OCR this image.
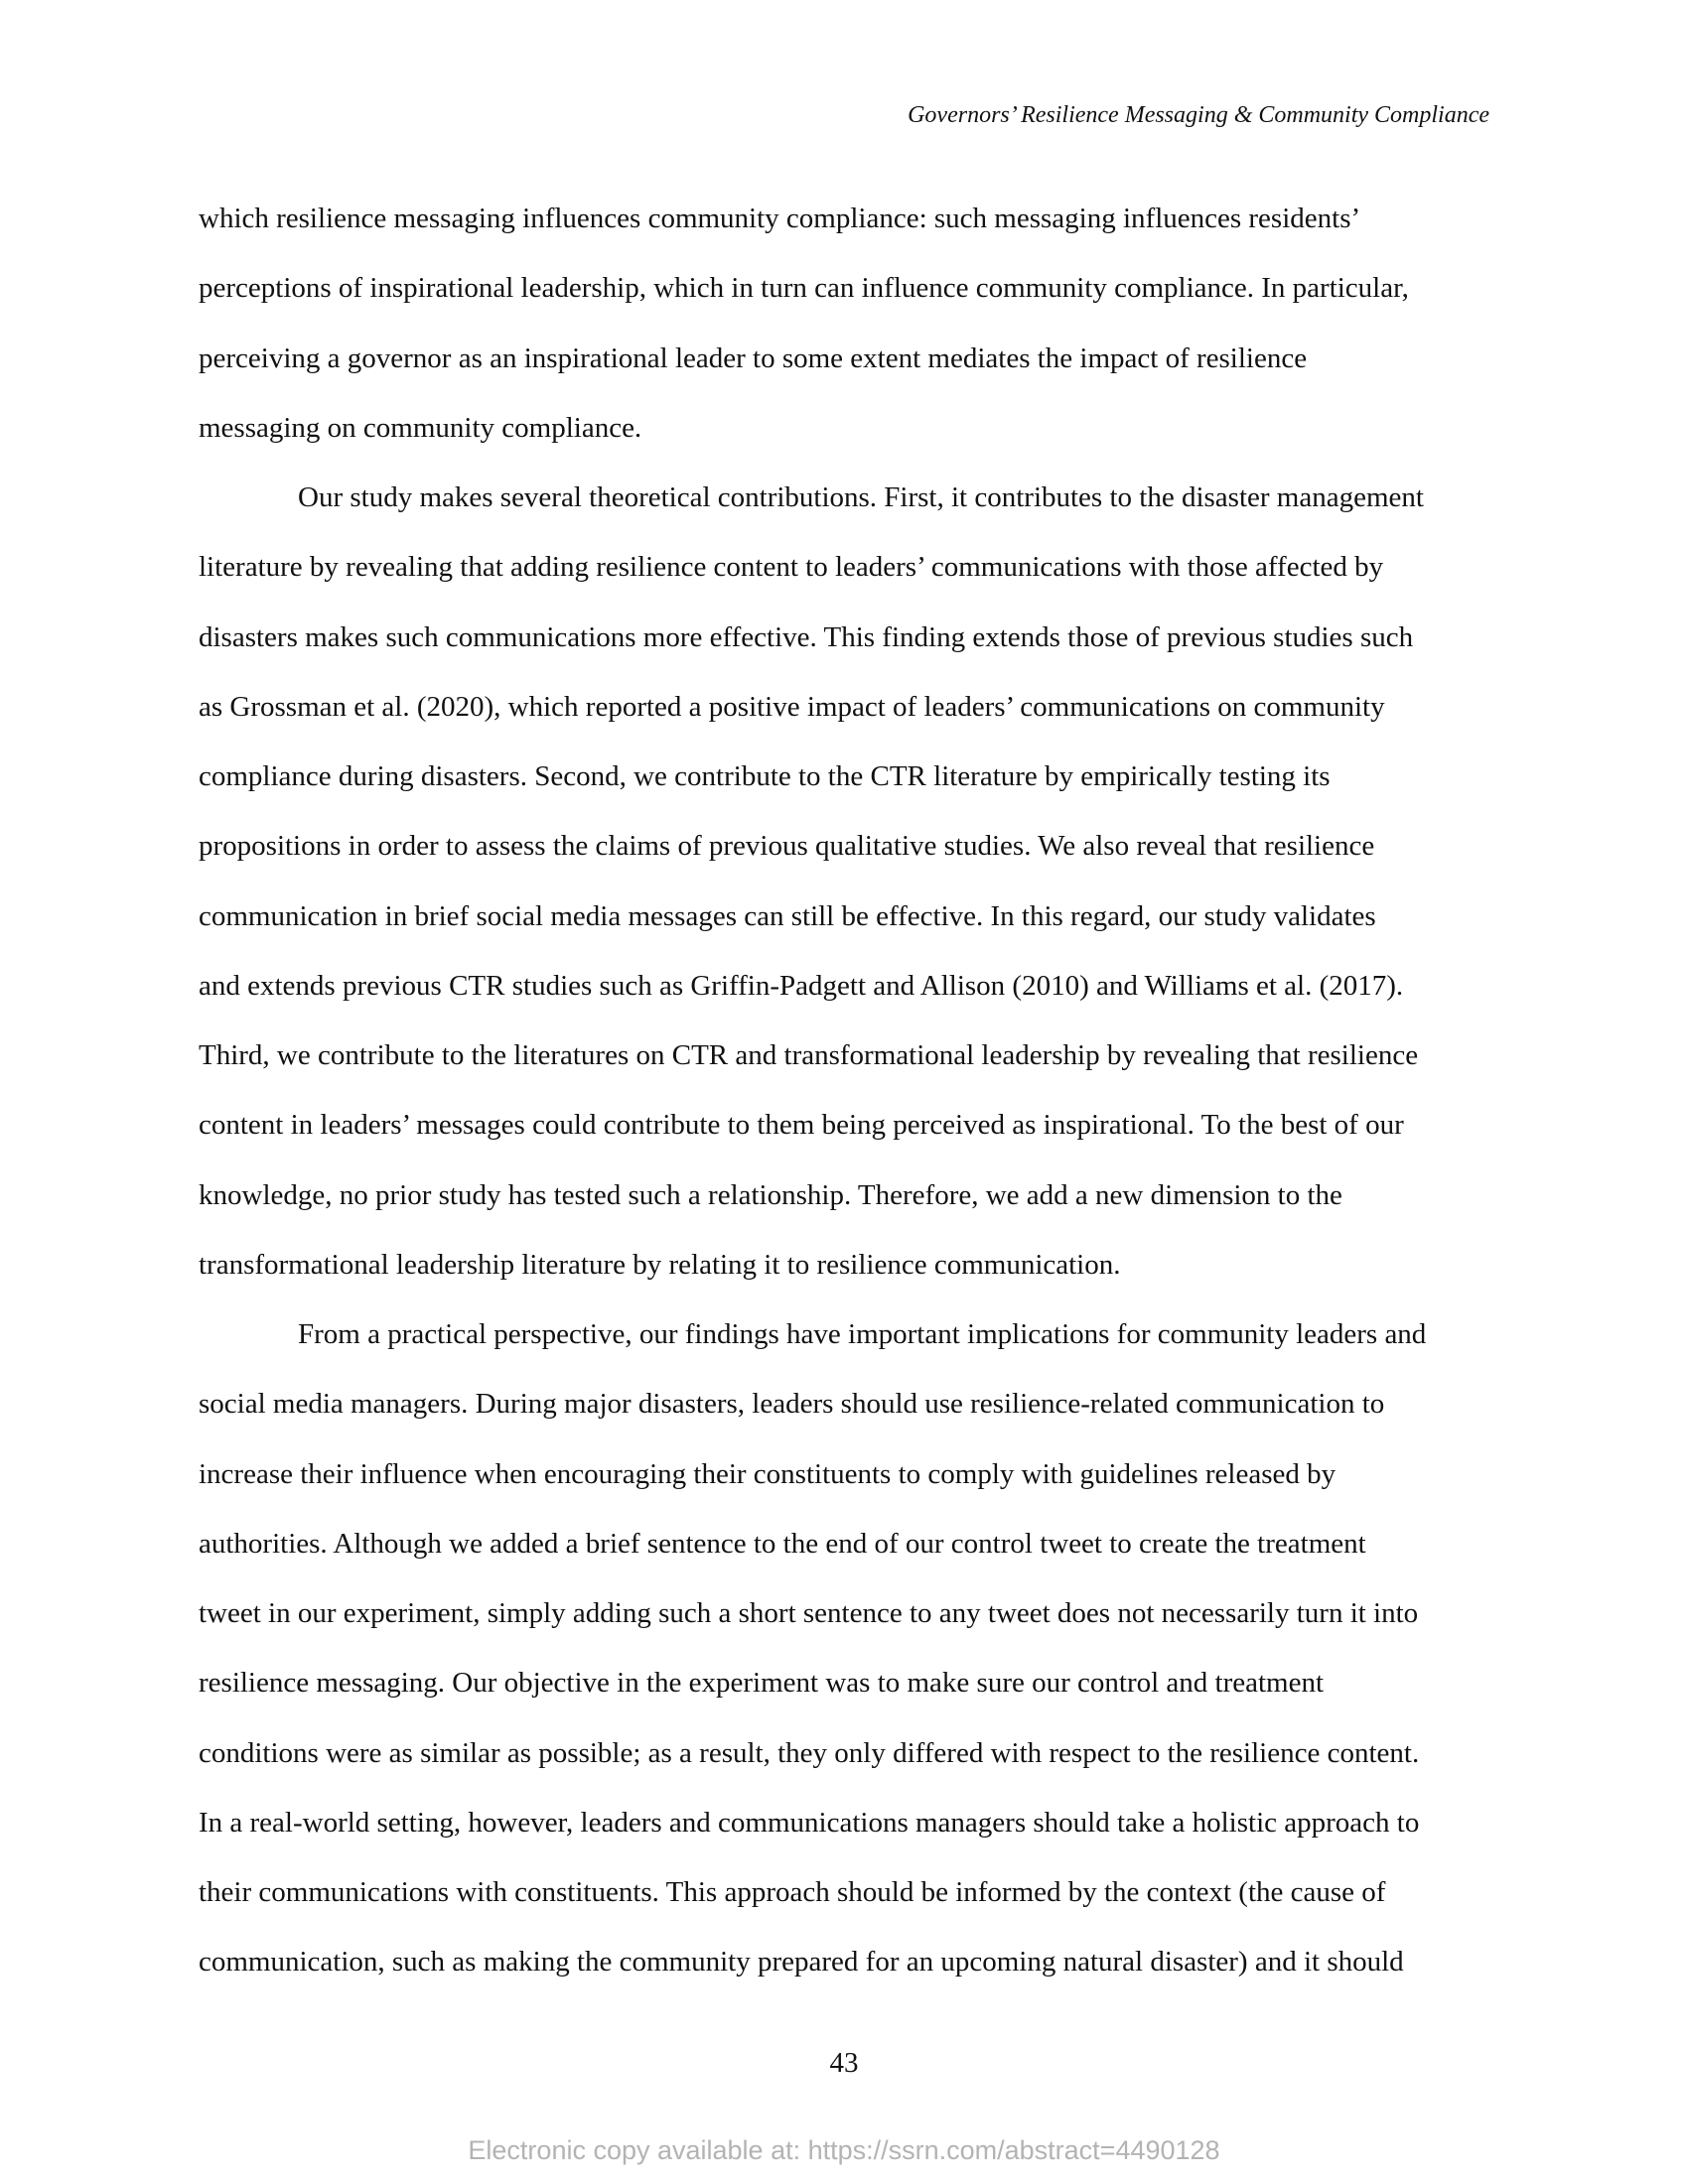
Governors’ Resilience Messaging & Community Compliance
which resilience messaging influences community compliance: such messaging influences residents’
perceptions of inspirational leadership, which in turn can influence community compliance. In particular,
perceiving a governor as an inspirational leader to some extent mediates the impact of resilience
messaging on community compliance.
Our study makes several theoretical contributions. First, it contributes to the disaster management
literature by revealing that adding resilience content to leaders’ communications with those affected by
disasters makes such communications more effective. This finding extends those of previous studies such
as Grossman et al. (2020), which reported a positive impact of leaders’ communications on community
compliance during disasters. Second, we contribute to the CTR literature by empirically testing its
propositions in order to assess the claims of previous qualitative studies. We also reveal that resilience
communication in brief social media messages can still be effective. In this regard, our study validates
and extends previous CTR studies such as Griffin-Padgett and Allison (2010) and Williams et al. (2017).
Third, we contribute to the literatures on CTR and transformational leadership by revealing that resilience
content in leaders’ messages could contribute to them being perceived as inspirational. To the best of our
knowledge, no prior study has tested such a relationship. Therefore, we add a new dimension to the
transformational leadership literature by relating it to resilience communication.
From a practical perspective, our findings have important implications for community leaders and
social media managers. During major disasters, leaders should use resilience-related communication to
increase their influence when encouraging their constituents to comply with guidelines released by
authorities. Although we added a brief sentence to the end of our control tweet to create the treatment
tweet in our experiment, simply adding such a short sentence to any tweet does not necessarily turn it into
resilience messaging. Our objective in the experiment was to make sure our control and treatment
conditions were as similar as possible; as a result, they only differed with respect to the resilience content.
In a real-world setting, however, leaders and communications managers should take a holistic approach to
their communications with constituents. This approach should be informed by the context (the cause of
communication, such as making the community prepared for an upcoming natural disaster) and it should
43
Electronic copy available at: https://ssrn.com/abstract=4490128
